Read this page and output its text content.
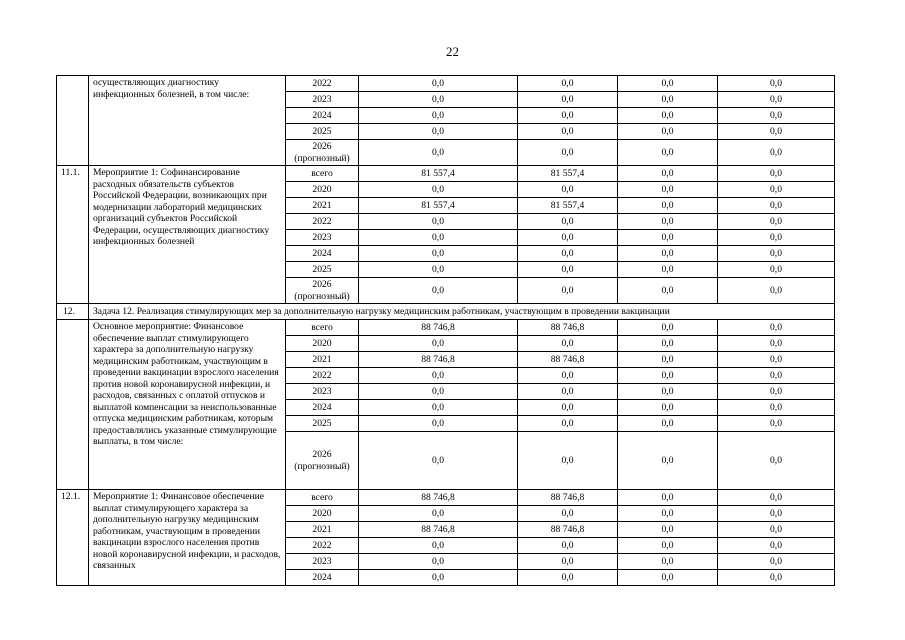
22
	осуществляющих диагностику инфекционных болезней, в том числе:	2022	0,0	0,0	0,0	0,0
		2023	0,0	0,0	0,0	0,0
		2024	0,0	0,0	0,0	0,0
		2025	0,0	0,0	0,0	0,0
		2026 (прогнозный)	0,0	0,0	0,0	0,0
11.1.	Мероприятие 1: Софинансирование расходных обязательств субъектов Российской Федерации, возникающих при модернизации лабораторий медицинских организаций субъектов Российской Федерации, осуществляющих диагностику инфекционных болезней	всего	81 557,4	81 557,4	0,0	0,0
		2020	0,0	0,0	0,0	0,0
		2021	81 557,4	81 557,4	0,0	0,0
		2022	0,0	0,0	0,0	0,0
		2023	0,0	0,0	0,0	0,0
		2024	0,0	0,0	0,0	0,0
		2025	0,0	0,0	0,0	0,0
		2026 (прогнозный)	0,0	0,0	0,0	0,0
12.	Задача 12. Реализация стимулирующих мер за дополнительную нагрузку медицинским работникам, участвующим в проведении вакцинации					
	Основное мероприятие: Финансовое обеспечение выплат стимулирующего характера за дополнительную нагрузку медицинским работникам, участвующим в проведении вакцинации взрослого населения против новой коронавирусной инфекции, и расходов, связанных с оплатой отпусков и выплатой компенсации за неиспользованные отпуска медицинским работникам, которым предоставлялись указанные стимулирующие выплаты, в том числе:	всего	88 746,8	88 746,8	0,0	0,0
		2020	0,0	0,0	0,0	0,0
		2021	88 746,8	88 746,8	0,0	0,0
		2022	0,0	0,0	0,0	0,0
		2023	0,0	0,0	0,0	0,0
		2024	0,0	0,0	0,0	0,0
		2025	0,0	0,0	0,0	0,0
		2026 (прогнозный)	0,0	0,0	0,0	0,0
12.1.	Мероприятие 1: Финансовое обеспечение выплат стимулирующего характера за дополнительную нагрузку медицинским работникам, участвующим в проведении вакцинации взрослого населения против новой коронавирусной инфекции, и расходов, связанных	всего	88 746,8	88 746,8	0,0	0,0
		2020	0,0	0,0	0,0	0,0
		2021	88 746,8	88 746,8	0,0	0,0
		2022	0,0	0,0	0,0	0,0
		2023	0,0	0,0	0,0	0,0
		2024	0,0	0,0	0,0	0,0
